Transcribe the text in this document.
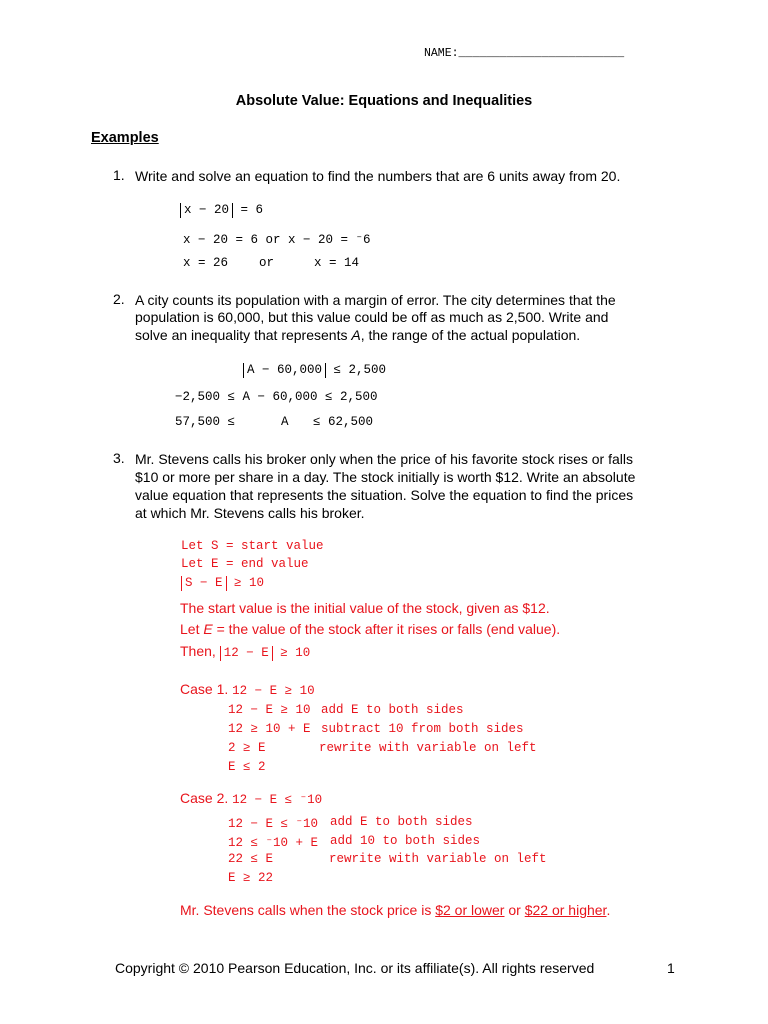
NAME:________________________
Absolute Value: Equations and Inequalities
Examples
1. Write and solve an equation to find the numbers that are 6 units away from 20.
x − 20 = 6
x − 20 = 6 or x − 20 = ⁻6
x = 26 or	x = 14
2. A city counts its population with a margin of error. The city determines that the
population is 60,000, but this value could be off as much as 2,500. Write and
solve an inequality that represents A, the range of the actual population.
A − 60,000 ≤ 2,500
−2,500 ≤ A − 60,000 ≤ 2,500
57,500 ≤	A ≤ 62,500
3. Mr. Stevens calls his broker only when the price of his favorite stock rises or falls
$10 or more per share in a day. The stock initially is worth $12. Write an absolute
value equation that represents the situation. Solve the equation to find the prices
at which Mr. Stevens calls his broker.
Let S = start value
Let E = end value
S − E ≥ 10
The start value is the initial value of the stock, given as $12.
Let E = the value of the stock after it rises or falls (end value).
Then, 12 − E ≥ 10
Case 1. 12 − E ≥ 10
12 − E ≥ 10 add E to both sides
12 ≥ 10 + E subtract 10 from both sides
2 ≥ E	rewrite with variable on left
E ≤ 2
Case 2. 12 − E ≤ ⁻10
12 − E ≤ ⁻10 add E to both sides
12 ≤ ⁻10 + E add 10 to both sides
22 ≤ E	rewrite with variable on left
E ≥ 22
Mr. Stevens calls when the stock price is $2 or lower or $22 or higher.
Copyright © 2010 Pearson Education, Inc. or its affiliate(s). All rights reserved	1
